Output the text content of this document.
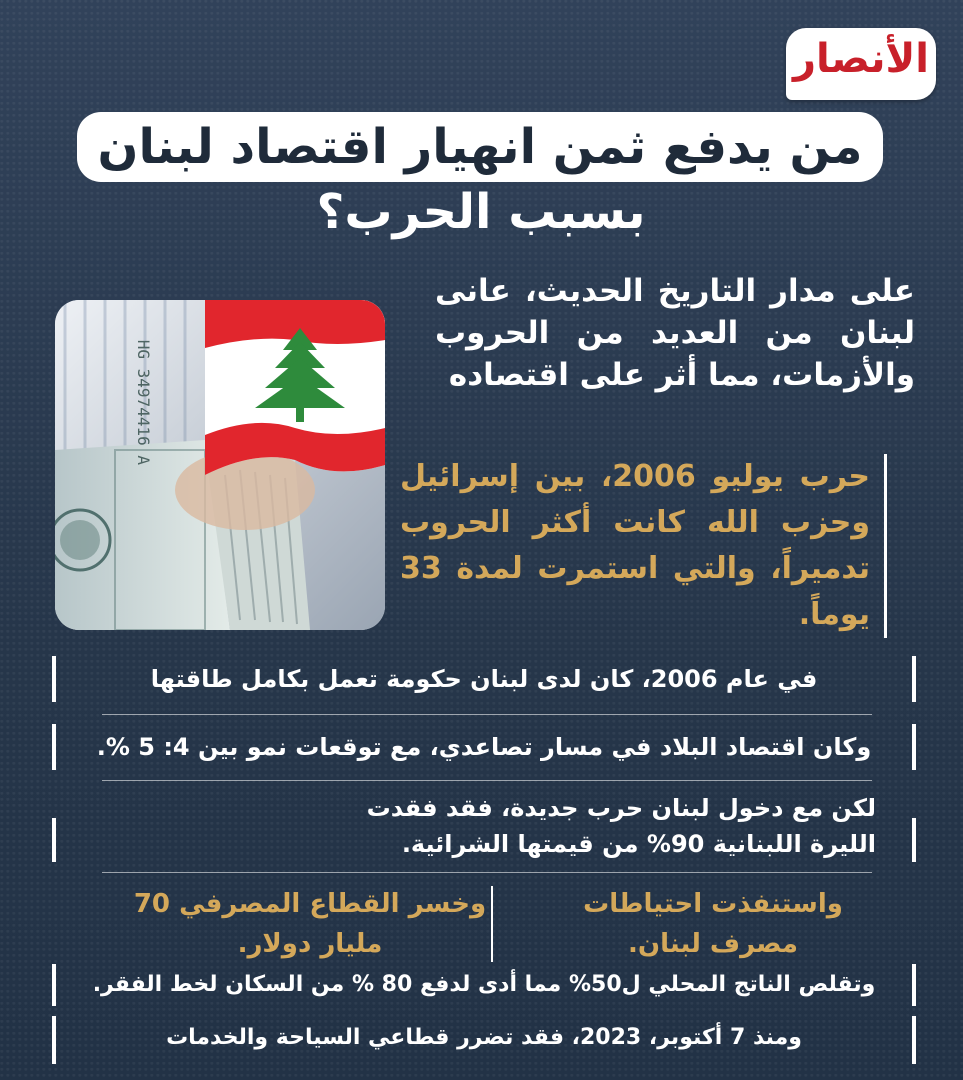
الأنصار
من يدفع ثمن انهيار اقتصاد لبنان
بسبب الحرب؟
على مدار التاريخ الحديث، عانى لبنان من العديد من الحروب والأزمات، مما أثر على اقتصاده
HG 34974416 A
حرب يوليو 2006، بين إسرائيل وحزب الله كانت أكثر الحروب تدميراً، والتي استمرت لمدة 33 يوماً.
في عام 2006، كان لدى لبنان حكومة تعمل بكامل طاقتها
وكان اقتصاد البلاد في مسار تصاعدي، مع توقعات نمو بين 4: 5 %.
لكن مع دخول لبنان حرب جديدة، فقد فقدت الليرة اللبنانية 90% من قيمتها الشرائية.
واستنفذت احتياطات مصرف لبنان.
وخسر القطاع المصرفي 70 مليار دولار.
وتقلص الناتج المحلي ل50% مما أدى لدفع 80 % من السكان لخط الفقر.
ومنذ 7 أكتوبر، 2023، فقد تضرر قطاعي السياحة والخدمات
